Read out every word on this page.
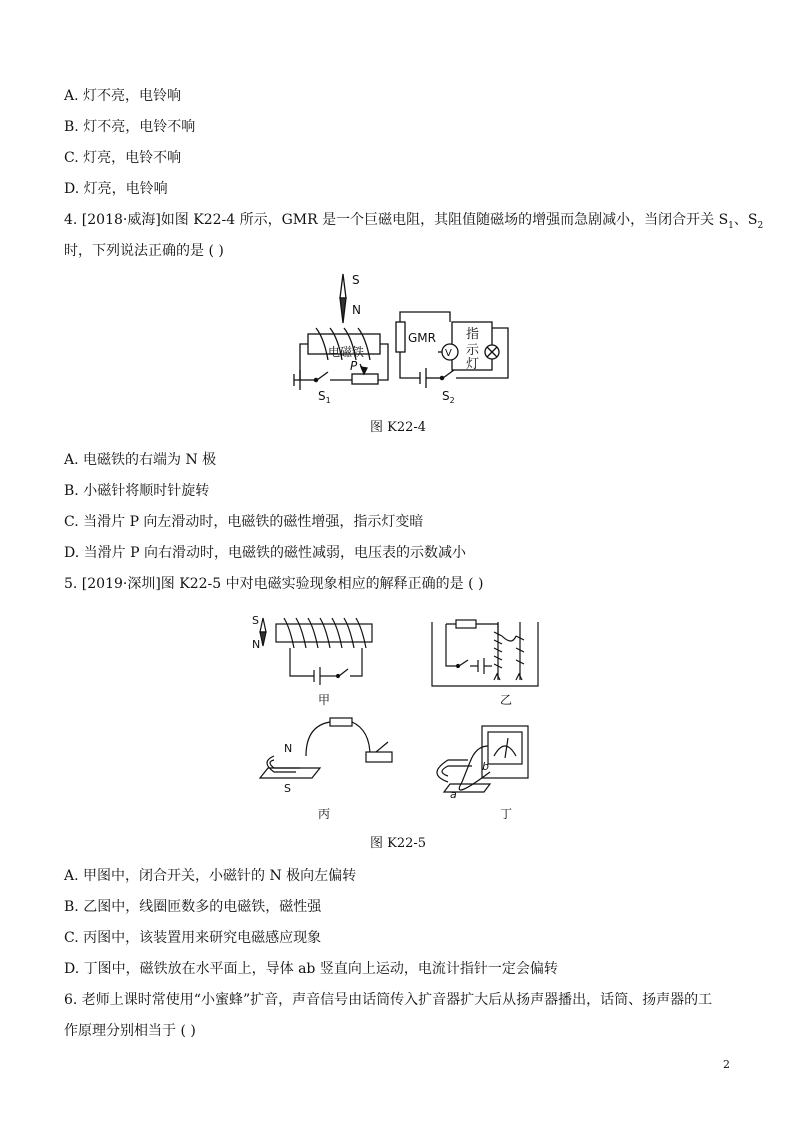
A. 灯不亮，电铃响
B. 灯不亮，电铃不响
C. 灯亮，电铃不响
D. 灯亮，电铃响
4. [2018·威海]如图 K22-4 所示，GMR 是一个巨磁电阻，其阻值随磁场的增强而急剧减小，当闭合开关 $S_1$、$S_2$
时，下列说法正确的是 ( )
S
N
电磁铁
P
GMR
V
指
示
灯
$S_1$	$S_2$
图 K22-4
A. 电磁铁的右端为 N 极
B. 小磁针将顺时针旋转
C. 当滑片 P 向左滑动时，电磁铁的磁性增强，指示灯变暗
D. 当滑片 P 向右滑动时，电磁铁的磁性减弱，电压表的示数减小
5. [2019·深圳]图 K22-5 中对电磁实验现象相应的解释正确的是 ( )
S
N
N
S	a
b
甲	乙
丙	丁
图 K22-5
A. 甲图中，闭合开关，小磁针的 N 极向左偏转
B. 乙图中，线圈匝数多的电磁铁，磁性强
C. 丙图中，该装置用来研究电磁感应现象
D. 丁图中，磁铁放在水平面上，导体 ab 竖直向上运动，电流计指针一定会偏转
6. 老师上课时常使用“小蜜蜂”扩音，声音信号由话筒传入扩音器扩大后从扬声器播出，话筒、扬声器的工
作原理分别相当于 ( )
2
